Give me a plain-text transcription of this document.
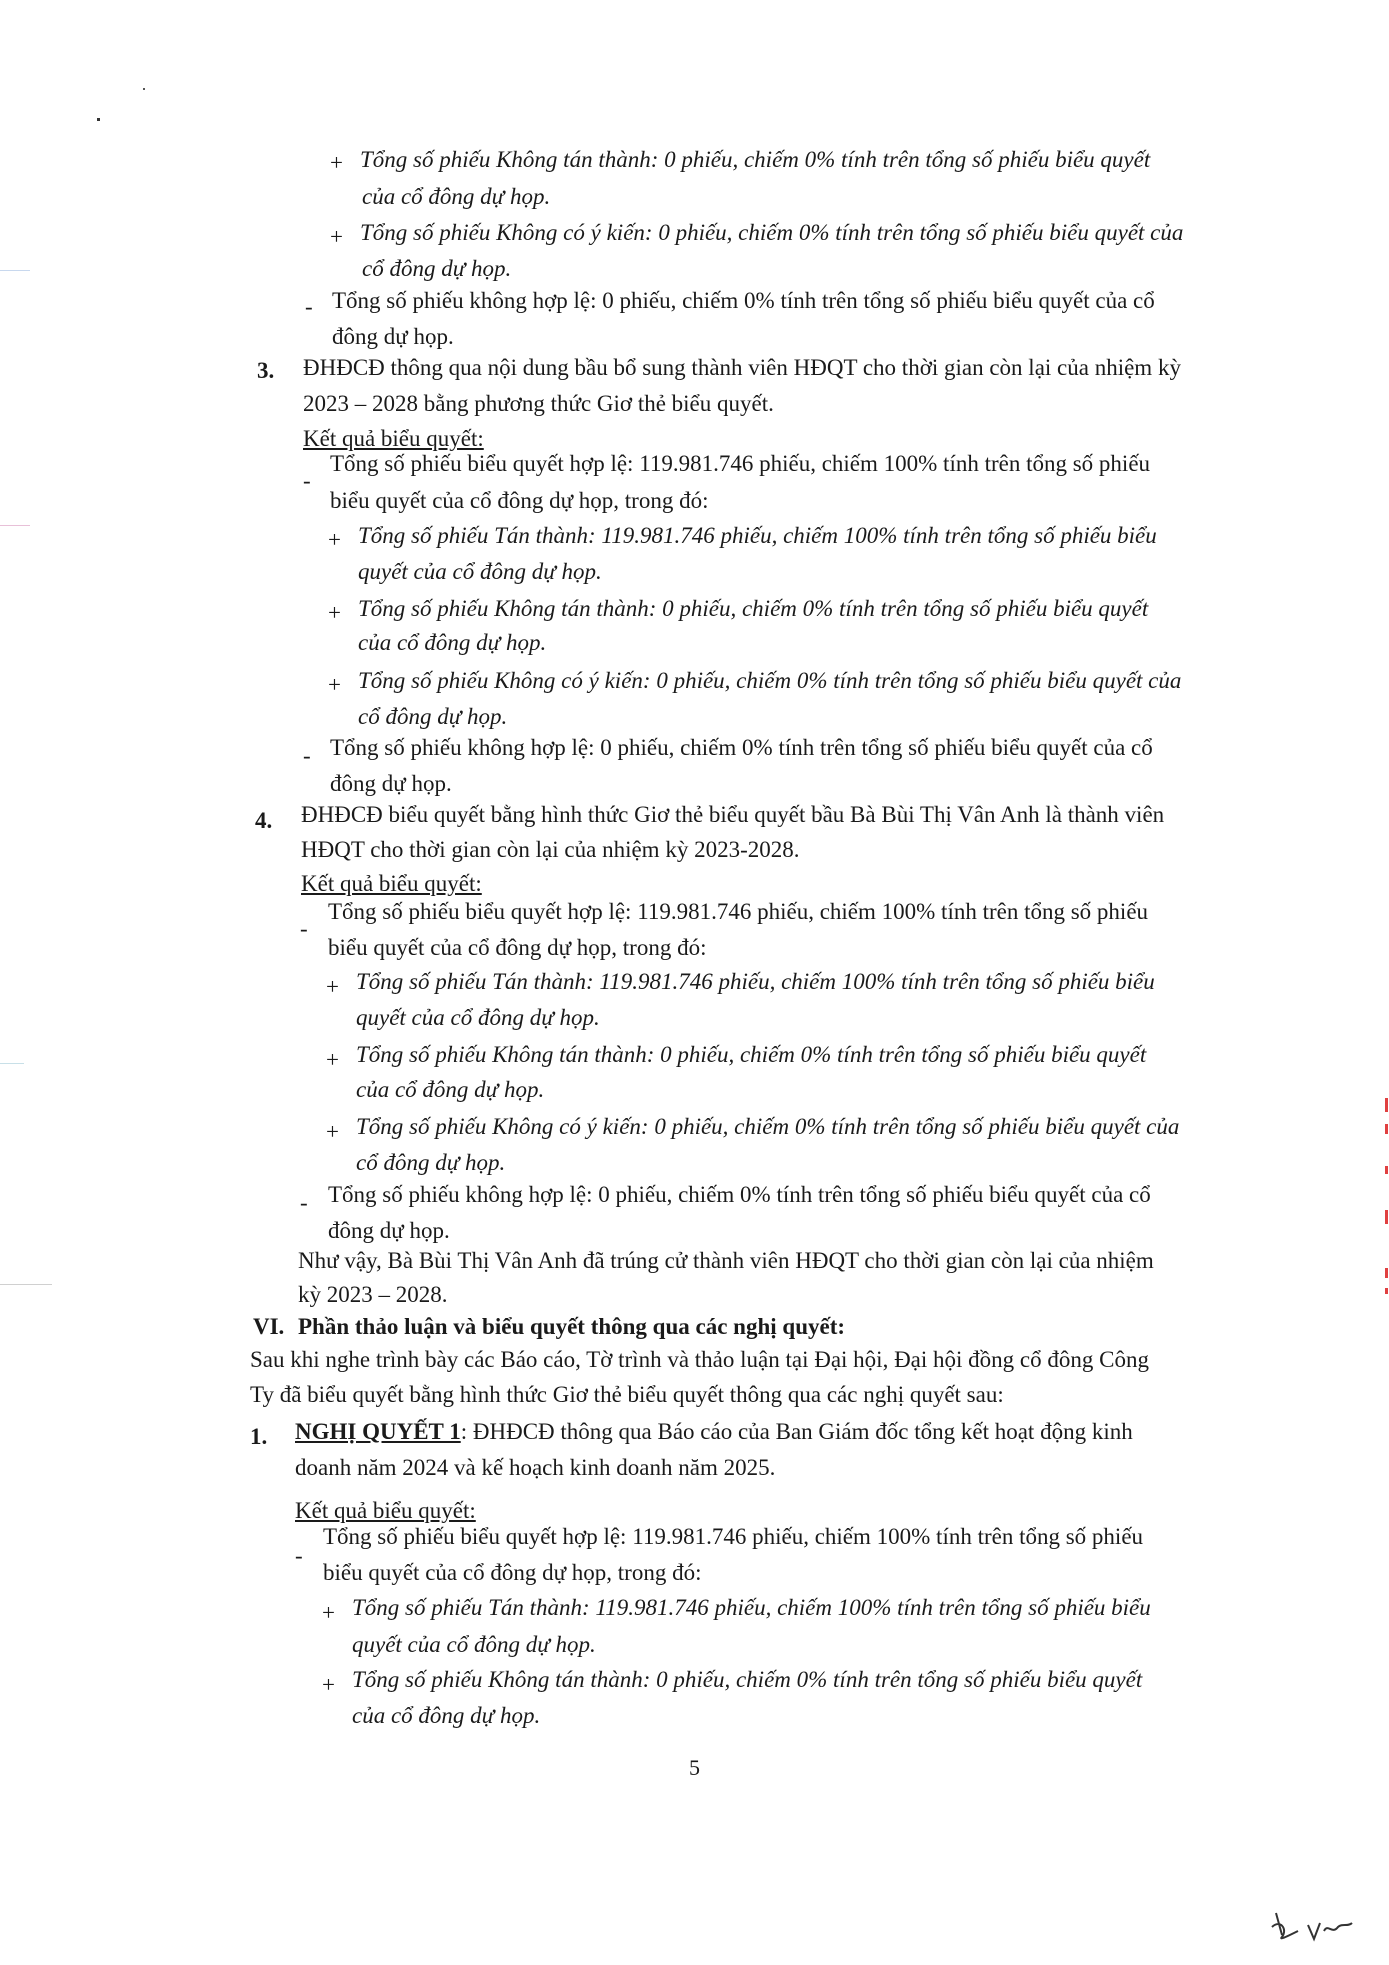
+ Tổng số phiếu Không tán thành: 0 phiếu, chiếm 0% tính trên tổng số phiếu biểu quyết
của cổ đông dự họp.
+ Tổng số phiếu Không có ý kiến: 0 phiếu, chiếm 0% tính trên tổng số phiếu biểu quyết của
cổ đông dự họp.
- Tổng số phiếu không hợp lệ: 0 phiếu, chiếm 0% tính trên tổng số phiếu biểu quyết của cổ
đông dự họp.
3. ĐHĐCĐ thông qua nội dung bầu bổ sung thành viên HĐQT cho thời gian còn lại của nhiệm kỳ
2023 – 2028 bằng phương thức Giơ thẻ biểu quyết.
Kết quả biểu quyết:
-
Tổng số phiếu biểu quyết hợp lệ: 119.981.746 phiếu, chiếm 100% tính trên tổng số phiếu
biểu quyết của cổ đông dự họp, trong đó:
+ Tổng số phiếu Tán thành: 119.981.746 phiếu, chiếm 100% tính trên tổng số phiếu biểu
quyết của cổ đông dự họp.
+ Tổng số phiếu Không tán thành: 0 phiếu, chiếm 0% tính trên tổng số phiếu biểu quyết
của cổ đông dự họp.
+ Tổng số phiếu Không có ý kiến: 0 phiếu, chiếm 0% tính trên tổng số phiếu biểu quyết của
cổ đông dự họp.
- Tổng số phiếu không hợp lệ: 0 phiếu, chiếm 0% tính trên tổng số phiếu biểu quyết của cổ
đông dự họp.
4. ĐHĐCĐ biểu quyết bằng hình thức Giơ thẻ biểu quyết bầu Bà Bùi Thị Vân Anh là thành viên
HĐQT cho thời gian còn lại của nhiệm kỳ 2023-2028.
Kết quả biểu quyết:
-
Tổng số phiếu biểu quyết hợp lệ: 119.981.746 phiếu, chiếm 100% tính trên tổng số phiếu
biểu quyết của cổ đông dự họp, trong đó:
+ Tổng số phiếu Tán thành: 119.981.746 phiếu, chiếm 100% tính trên tổng số phiếu biểu
quyết của cổ đông dự họp.
+ Tổng số phiếu Không tán thành: 0 phiếu, chiếm 0% tính trên tổng số phiếu biểu quyết
của cổ đông dự họp.
+ Tổng số phiếu Không có ý kiến: 0 phiếu, chiếm 0% tính trên tổng số phiếu biểu quyết của
cổ đông dự họp.
- Tổng số phiếu không hợp lệ: 0 phiếu, chiếm 0% tính trên tổng số phiếu biểu quyết của cổ
đông dự họp.
Như vậy, Bà Bùi Thị Vân Anh đã trúng cử thành viên HĐQT cho thời gian còn lại của nhiệm
kỳ 2023 – 2028.
VI. Phần thảo luận và biểu quyết thông qua các nghị quyết:
Sau khi nghe trình bày các Báo cáo, Tờ trình và thảo luận tại Đại hội, Đại hội đồng cổ đông Công
Ty đã biểu quyết bằng hình thức Giơ thẻ biểu quyết thông qua các nghị quyết sau:
1. NGHỊ QUYẾT 1: ĐHĐCĐ thông qua Báo cáo của Ban Giám đốc tổng kết hoạt động kinh
doanh năm 2024 và kế hoạch kinh doanh năm 2025.
Kết quả biểu quyết:
-
Tổng số phiếu biểu quyết hợp lệ: 119.981.746 phiếu, chiếm 100% tính trên tổng số phiếu
biểu quyết của cổ đông dự họp, trong đó:
+ Tổng số phiếu Tán thành: 119.981.746 phiếu, chiếm 100% tính trên tổng số phiếu biểu
quyết của cổ đông dự họp.
+ Tổng số phiếu Không tán thành: 0 phiếu, chiếm 0% tính trên tổng số phiếu biểu quyết
của cổ đông dự họp.
5
